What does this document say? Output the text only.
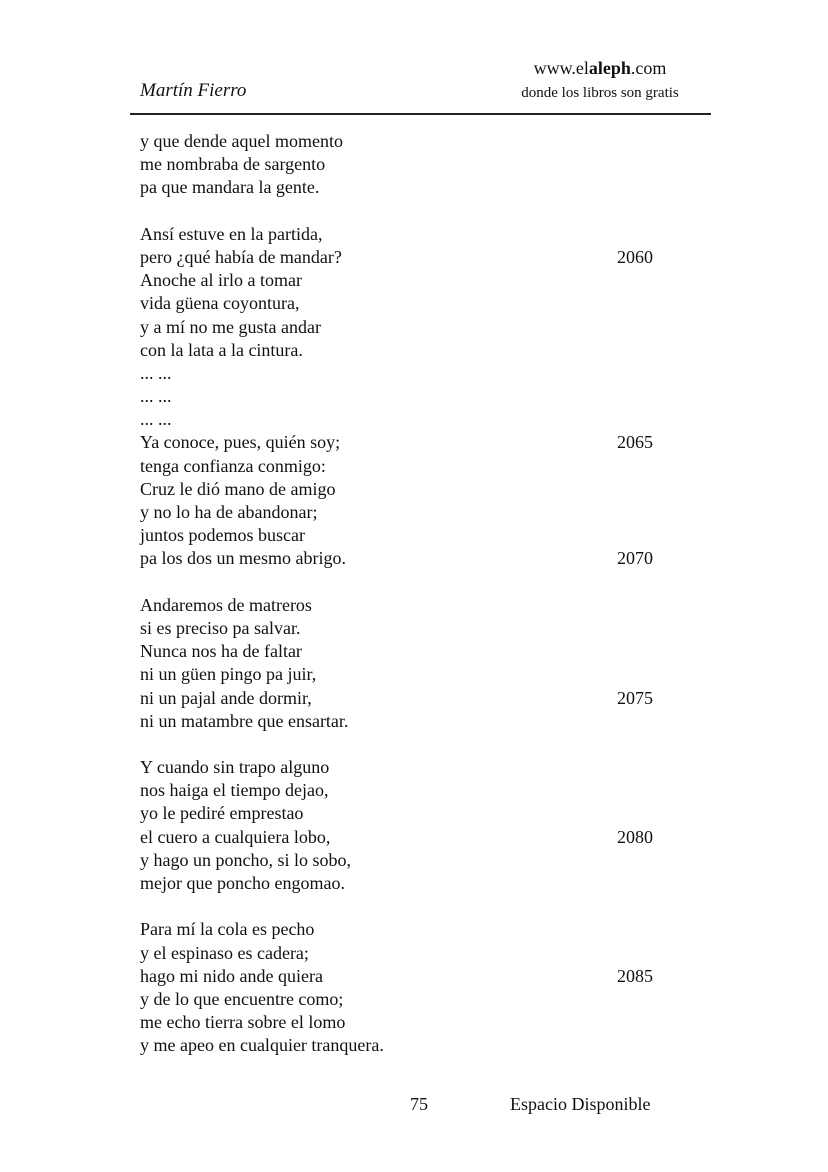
Martín Fierro
www.elaleph.com
donde los libros son gratis
y que dende aquel momento
me nombraba de sargento
pa que mandara la gente.
Ansí estuve en la partida,
pero ¿qué había de mandar?	2060
Anoche al irlo a tomar
vida güena coyontura,
y a mí no me gusta andar
con la lata a la cintura.
... ...
... ...
... ...
Ya conoce, pues, quién soy;	2065
tenga confianza conmigo:
Cruz le dió mano de amigo
y no lo ha de abandonar;
juntos podemos buscar
pa los dos un mesmo abrigo.	2070
Andaremos de matreros
si es preciso pa salvar.
Nunca nos ha de faltar
ni un güen pingo pa juir,
ni un pajal ande dormir,	2075
ni un matambre que ensartar.
Y cuando sin trapo alguno
nos haiga el tiempo dejao,
yo le pediré emprestao
el cuero a cualquiera lobo,	2080
y hago un poncho, si lo sobo,
mejor que poncho engomao.
Para mí la cola es pecho
y el espinaso es cadera;
hago mi nido ande quiera	2085
y de lo que encuentre como;
me echo tierra sobre el lomo
y me apeo en cualquier tranquera.
75	Espacio Disponible
